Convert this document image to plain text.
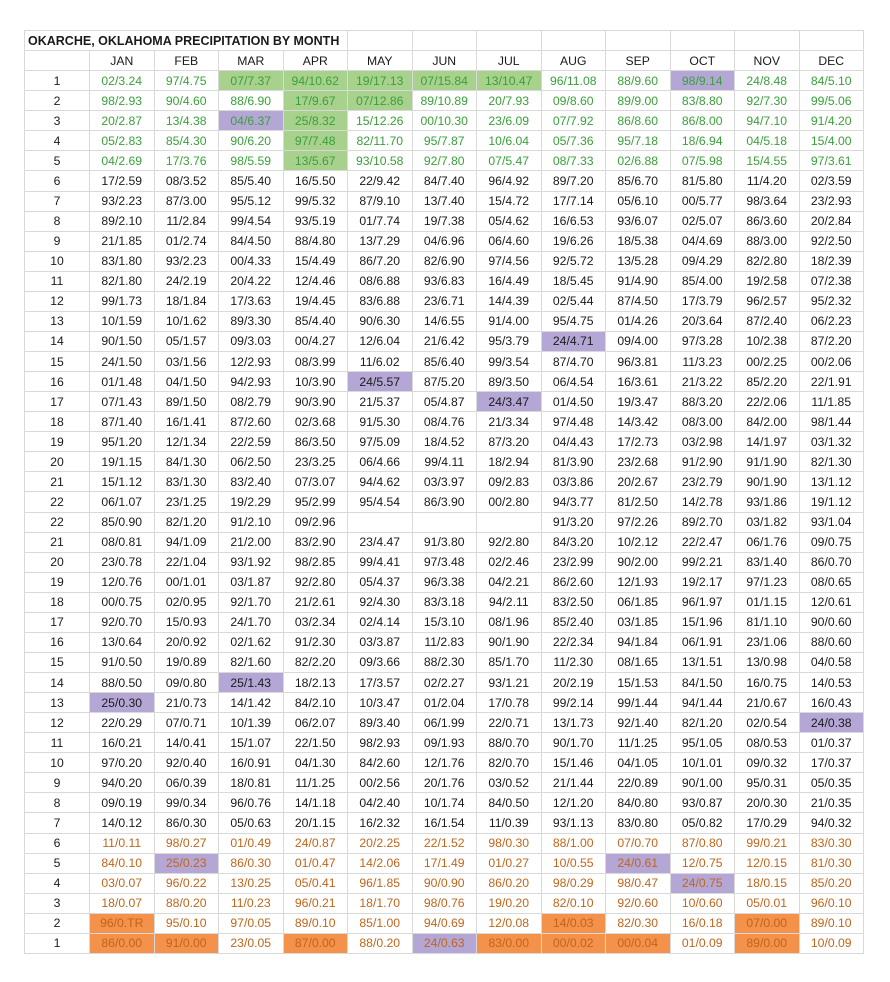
OKARCHE, OKLAHOMA PRECIPITATION BY MONTH												
	JAN	FEB	MAR	APR	MAY	JUN	JUL	AUG	SEP	OCT	NOV	DEC
1	02/3.24	97/4.75	07/7.37	94/10.62	19/17.13	07/15.84	13/10.47	96/11.08	88/9.60	98/9.14	24/8.48	84/5.10
2	98/2.93	90/4.60	88/6.90	17/9.67	07/12.86	89/10.89	20/7.93	09/8.60	89/9.00	83/8.80	92/7.30	99/5.06
3	20/2.87	13/4.38	04/6.37	25/8.32	15/12.26	00/10.30	23/6.09	07/7.92	86/8.60	86/8.00	94/7.10	91/4.20
4	05/2.83	85/4.30	90/6.20	97/7.48	82/11.70	95/7.87	10/6.04	05/7.36	95/7.18	18/6.94	04/5.18	15/4.00
5	04/2.69	17/3.76	98/5.59	13/5.67	93/10.58	92/7.80	07/5.47	08/7.33	02/6.88	07/5.98	15/4.55	97/3.61
6	17/2.59	08/3.52	85/5.40	16/5.50	22/9.42	84/7.40	96/4.92	89/7.20	85/6.70	81/5.80	11/4.20	02/3.59
7	93/2.23	87/3.00	95/5.12	99/5.32	87/9.10	13/7.40	15/4.72	17/7.14	05/6.10	00/5.77	98/3.64	23/2.93
8	89/2.10	11/2.84	99/4.54	93/5.19	01/7.74	19/7.38	05/4.62	16/6.53	93/6.07	02/5.07	86/3.60	20/2.84
9	21/1.85	01/2.74	84/4.50	88/4.80	13/7.29	04/6.96	06/4.60	19/6.26	18/5.38	04/4.69	88/3.00	92/2.50
10	83/1.80	93/2.23	00/4.33	15/4.49	86/7.20	82/6.90	97/4.56	92/5.72	13/5.28	09/4.29	82/2.80	18/2.39
11	82/1.80	24/2.19	20/4.22	12/4.46	08/6.88	93/6.83	16/4.49	18/5.45	91/4.90	85/4.00	19/2.58	07/2.38
12	99/1.73	18/1.84	17/3.63	19/4.45	83/6.88	23/6.71	14/4.39	02/5.44	87/4.50	17/3.79	96/2.57	95/2.32
13	10/1.59	10/1.62	89/3.30	85/4.40	90/6.30	14/6.55	91/4.00	95/4.75	01/4.26	20/3.64	87/2.40	06/2.23
14	90/1.50	05/1.57	09/3.03	00/4.27	12/6.04	21/6.42	95/3.79	24/4.71	09/4.00	97/3.28	10/2.38	87/2.20
15	24/1.50	03/1.56	12/2.93	08/3.99	11/6.02	85/6.40	99/3.54	87/4.70	96/3.81	11/3.23	00/2.25	00/2.06
16	01/1.48	04/1.50	94/2.93	10/3.90	24/5.57	87/5.20	89/3.50	06/4.54	16/3.61	21/3.22	85/2.20	22/1.91
17	07/1.43	89/1.50	08/2.79	90/3.90	21/5.37	05/4.87	24/3.47	01/4.50	19/3.47	88/3.20	22/2.06	11/1.85
18	87/1.40	16/1.41	87/2.60	02/3.68	91/5.30	08/4.76	21/3.34	97/4.48	14/3.42	08/3.00	84/2.00	98/1.44
19	95/1.20	12/1.34	22/2.59	86/3.50	97/5.09	18/4.52	87/3.20	04/4.43	17/2.73	03/2.98	14/1.97	03/1.32
20	19/1.15	84/1.30	06/2.50	23/3.25	06/4.66	99/4.11	18/2.94	81/3.90	23/2.68	91/2.90	91/1.90	82/1.30
21	15/1.12	83/1.30	83/2.40	07/3.07	94/4.62	03/3.97	09/2.83	03/3.86	20/2.67	23/2.79	90/1.90	13/1.12
22	06/1.07	23/1.25	19/2.29	95/2.99	95/4.54	86/3.90	00/2.80	94/3.77	81/2.50	14/2.78	93/1.86	19/1.12
22	85/0.90	82/1.20	91/2.10	09/2.96				91/3.20	97/2.26	89/2.70	03/1.82	93/1.04
21	08/0.81	94/1.09	21/2.00	83/2.90	23/4.47	91/3.80	92/2.80	84/3.20	10/2.12	22/2.47	06/1.76	09/0.75
20	23/0.78	22/1.04	93/1.92	98/2.85	99/4.41	97/3.48	02/2.46	23/2.99	90/2.00	99/2.21	83/1.40	86/0.70
19	12/0.76	00/1.01	03/1.87	92/2.80	05/4.37	96/3.38	04/2.21	86/2.60	12/1.93	19/2.17	97/1.23	08/0.65
18	00/0.75	02/0.95	92/1.70	21/2.61	92/4.30	83/3.18	94/2.11	83/2.50	06/1.85	96/1.97	01/1.15	12/0.61
17	92/0.70	15/0.93	24/1.70	03/2.34	02/4.14	15/3.10	08/1.96	85/2.40	03/1.85	15/1.96	81/1.10	90/0.60
16	13/0.64	20/0.92	02/1.62	91/2.30	03/3.87	11/2.83	90/1.90	22/2.34	94/1.84	06/1.91	23/1.06	88/0.60
15	91/0.50	19/0.89	82/1.60	82/2.20	09/3.66	88/2.30	85/1.70	11/2.30	08/1.65	13/1.51	13/0.98	04/0.58
14	88/0.50	09/0.80	25/1.43	18/2.13	17/3.57	02/2.27	93/1.21	20/2.19	15/1.53	84/1.50	16/0.75	14/0.53
13	25/0.30	21/0.73	14/1.42	84/2.10	10/3.47	01/2.04	17/0.78	99/2.14	99/1.44	94/1.44	21/0.67	16/0.43
12	22/0.29	07/0.71	10/1.39	06/2.07	89/3.40	06/1.99	22/0.71	13/1.73	92/1.40	82/1.20	02/0.54	24/0.38
11	16/0.21	14/0.41	15/1.07	22/1.50	98/2.93	09/1.93	88/0.70	90/1.70	11/1.25	95/1.05	08/0.53	01/0.37
10	97/0.20	92/0.40	16/0.91	04/1.30	84/2.60	12/1.76	82/0.70	15/1.46	04/1.05	10/1.01	09/0.32	17/0.37
9	94/0.20	06/0.39	18/0.81	11/1.25	00/2.56	20/1.76	03/0.52	21/1.44	22/0.89	90/1.00	95/0.31	05/0.35
8	09/0.19	99/0.34	96/0.76	14/1.18	04/2.40	10/1.74	84/0.50	12/1.20	84/0.80	93/0.87	20/0.30	21/0.35
7	14/0.12	86/0.30	05/0.63	20/1.15	16/2.32	16/1.54	11/0.39	93/1.13	83/0.80	05/0.82	17/0.29	94/0.32
6	11/0.11	98/0.27	01/0.49	24/0.87	20/2.25	22/1.52	98/0.30	88/1.00	07/0.70	87/0.80	99/0.21	83/0.30
5	84/0.10	25/0.23	86/0.30	01/0.47	14/2.06	17/1.49	01/0.27	10/0.55	24/0.61	12/0.75	12/0.15	81/0.30
4	03/0.07	96/0.22	13/0.25	05/0.41	96/1.85	90/0.90	86/0.20	98/0.29	98/0.47	24/0.75	18/0.15	85/0.20
3	18/0.07	88/0.20	11/0.23	96/0.21	18/1.70	98/0.76	19/0.20	82/0.10	92/0.60	10/0.60	05/0.01	96/0.10
2	96/0.TR	95/0.10	97/0.05	89/0.10	85/1.00	94/0.69	12/0.08	14/0.03	82/0.30	16/0.18	07/0.00	89/0.10
1	86/0.00	91/0.00	23/0.05	87/0.00	88/0.20	24/0.63	83/0.00	00/0.02	00/0.04	01/0.09	89/0.00	10/0.09
